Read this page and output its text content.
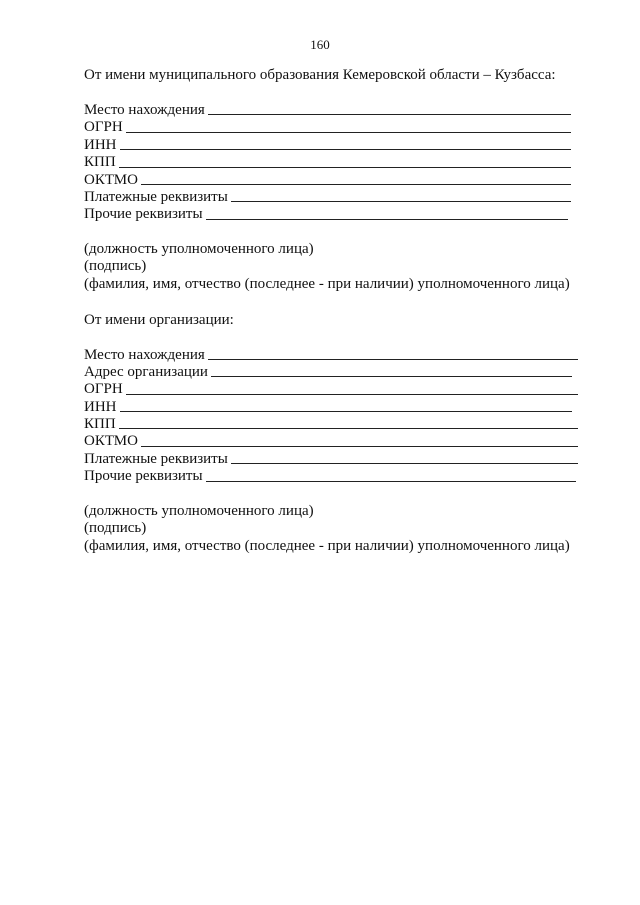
160
От имени муниципального образования Кемеровской области – Кузбасса:
Место нахождения
ОГРН
ИНН
КПП
ОКТМО
Платежные реквизиты
Прочие реквизиты
(должность уполномоченного лица)
(подпись)
(фамилия, имя, отчество (последнее - при наличии) уполномоченного лица)
От имени организации:
Место нахождения
Адрес организации
ОГРН
ИНН
КПП
ОКТМО
Платежные реквизиты
Прочие реквизиты
(должность уполномоченного лица)
(подпись)
(фамилия, имя, отчество (последнее - при наличии) уполномоченного лица)
